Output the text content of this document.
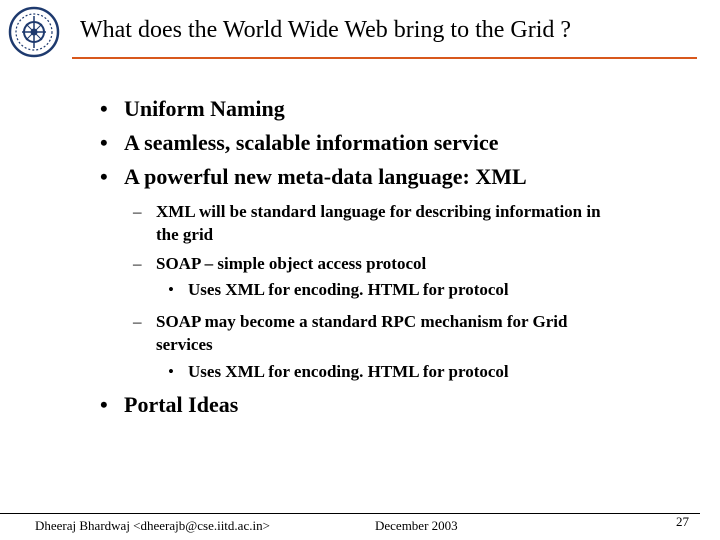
What does the World Wide Web bring to the Grid ?
• Uniform Naming
• A seamless, scalable information service
• A powerful new meta-data language: XML
– XML will be standard language for describing information in the grid
– SOAP – simple object access protocol
• Uses XML for encoding. HTML for protocol
– SOAP may become a standard RPC mechanism for Grid services
• Uses XML for encoding. HTML for protocol
• Portal Ideas
Dheeraj Bhardwaj <dheerajb@cse.iitd.ac.in>	December 2003	27
